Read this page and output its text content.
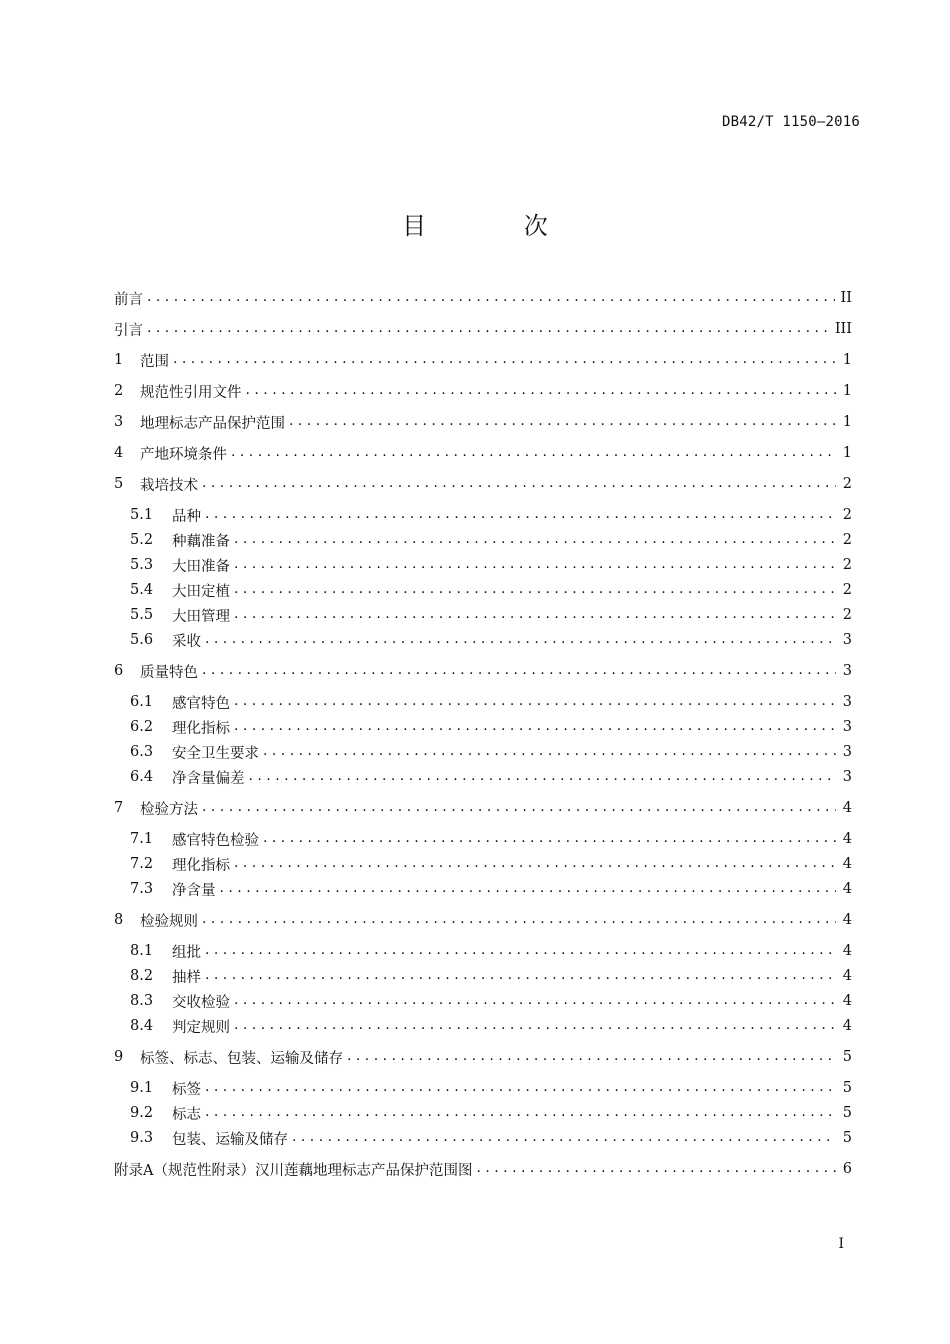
DB42/T 1150—2016
目 次
前言 . . .	II
引言 . . .	III
1	范围 . . .	1
2	规范性引用文件 . . .	1
3	地理标志产品保护范围 . . .	1
4	产地环境条件 . . .	1
5	栽培技术 . . .	2
5.1	品种 . . .	2
5.2	种藕准备 . . .	2
5.3	大田准备 . . .	2
5.4	大田定植 . . .	2
5.5	大田管理 . . .	2
5.6	采收 . . .	3
6	质量特色 . . .	3
6.1	感官特色 . . .	3
6.2	理化指标 . . .	3
6.3	安全卫生要求 . . .	3
6.4	净含量偏差 . . .	3
7	检验方法 . . .	4
7.1	感官特色检验 . . .	4
7.2	理化指标 . . .	4
7.3	净含量 . . .	4
8	检验规则 . . .	4
8.1	组批 . . .	4
8.2	抽样 . . .	4
8.3	交收检验 . . .	4
8.4	判定规则 . . .	4
9	标签、标志、包装、运输及储存 . . .	5
9.1	标签 . . .	5
9.2	标志 . . .	5
9.3	包装、运输及储存 . . .	5
附录A（规范性附录）汉川莲藕地理标志产品保护范围图 . . .	6
I
